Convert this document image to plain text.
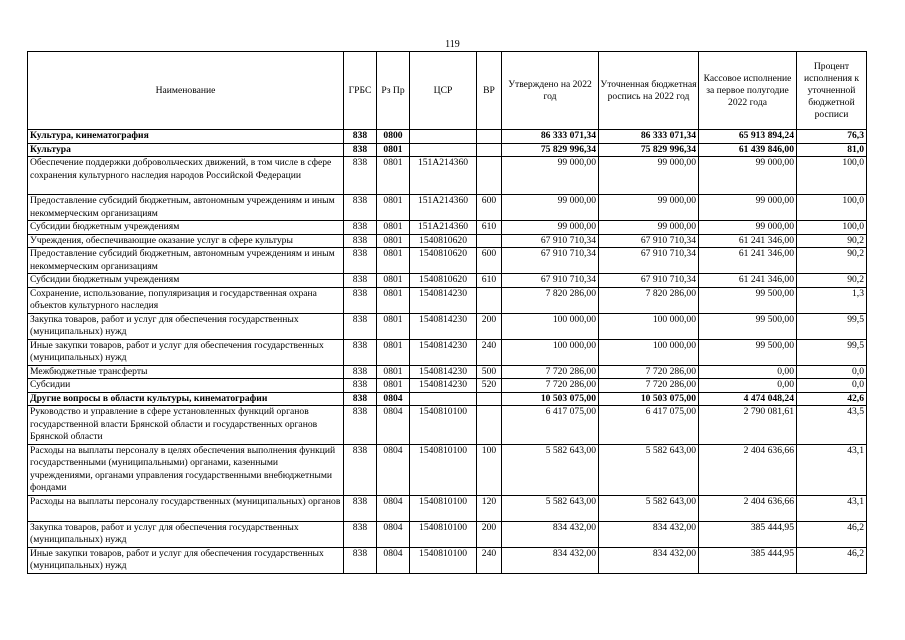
119
Наименование	ГРБС	Рз Пр	ЦСР	ВР	Утверждено на 2022 год	Уточненная бюджетная роспись на 2022 год	Кассовое исполнение за первое полугодие 2022 года	Процент исполнения к уточненной бюджетной росписи
Культура, кинематография	838	0800			86 333 071,34	86 333 071,34	65 913 894,24	76,3
Культура	838	0801			75 829 996,34	75 829 996,34	61 439 846,00	81,0
Обеспечение поддержки добровольческих движений, в том числе в сфере сохранения культурного наследия народов Российской Федерации	838	0801	151А214360		99 000,00	99 000,00	99 000,00	100,0
Предоставление субсидий бюджетным, автономным учреждениям и иным некоммерческим организациям	838	0801	151А214360	600	99 000,00	99 000,00	99 000,00	100,0
Субсидии бюджетным учреждениям	838	0801	151А214360	610	99 000,00	99 000,00	99 000,00	100,0
Учреждения, обеспечивающие оказание услуг в сфере культуры	838	0801	1540810620		67 910 710,34	67 910 710,34	61 241 346,00	90,2
Предоставление субсидий бюджетным, автономным учреждениям и иным некоммерческим организациям	838	0801	1540810620	600	67 910 710,34	67 910 710,34	61 241 346,00	90,2
Субсидии бюджетным учреждениям	838	0801	1540810620	610	67 910 710,34	67 910 710,34	61 241 346,00	90,2
Сохранение, использование, популяризация и государственная охрана объектов культурного наследия	838	0801	1540814230		7 820 286,00	7 820 286,00	99 500,00	1,3
Закупка товаров, работ и услуг для обеспечения государственных (муниципальных) нужд	838	0801	1540814230	200	100 000,00	100 000,00	99 500,00	99,5
Иные закупки товаров, работ и услуг для обеспечения государственных (муниципальных) нужд	838	0801	1540814230	240	100 000,00	100 000,00	99 500,00	99,5
Межбюджетные трансферты	838	0801	1540814230	500	7 720 286,00	7 720 286,00	0,00	0,0
Субсидии	838	0801	1540814230	520	7 720 286,00	7 720 286,00	0,00	0,0
Другие вопросы в области культуры, кинематографии	838	0804			10 503 075,00	10 503 075,00	4 474 048,24	42,6
Руководство и управление в сфере установленных функций органов государственной власти Брянской области и государственных органов Брянской области	838	0804	1540810100		6 417 075,00	6 417 075,00	2 790 081,61	43,5
Расходы на выплаты персоналу в целях обеспечения выполнения функций государственными (муниципальными) органами, казенными учреждениями, органами управления государственными внебюджетными фондами	838	0804	1540810100	100	5 582 643,00	5 582 643,00	2 404 636,66	43,1
Расходы на выплаты персоналу государственных (муниципальных) органов	838	0804	1540810100	120	5 582 643,00	5 582 643,00	2 404 636,66	43,1
Закупка товаров, работ и услуг для обеспечения государственных (муниципальных) нужд	838	0804	1540810100	200	834 432,00	834 432,00	385 444,95	46,2
Иные закупки товаров, работ и услуг для обеспечения государственных (муниципальных) нужд	838	0804	1540810100	240	834 432,00	834 432,00	385 444,95	46,2
